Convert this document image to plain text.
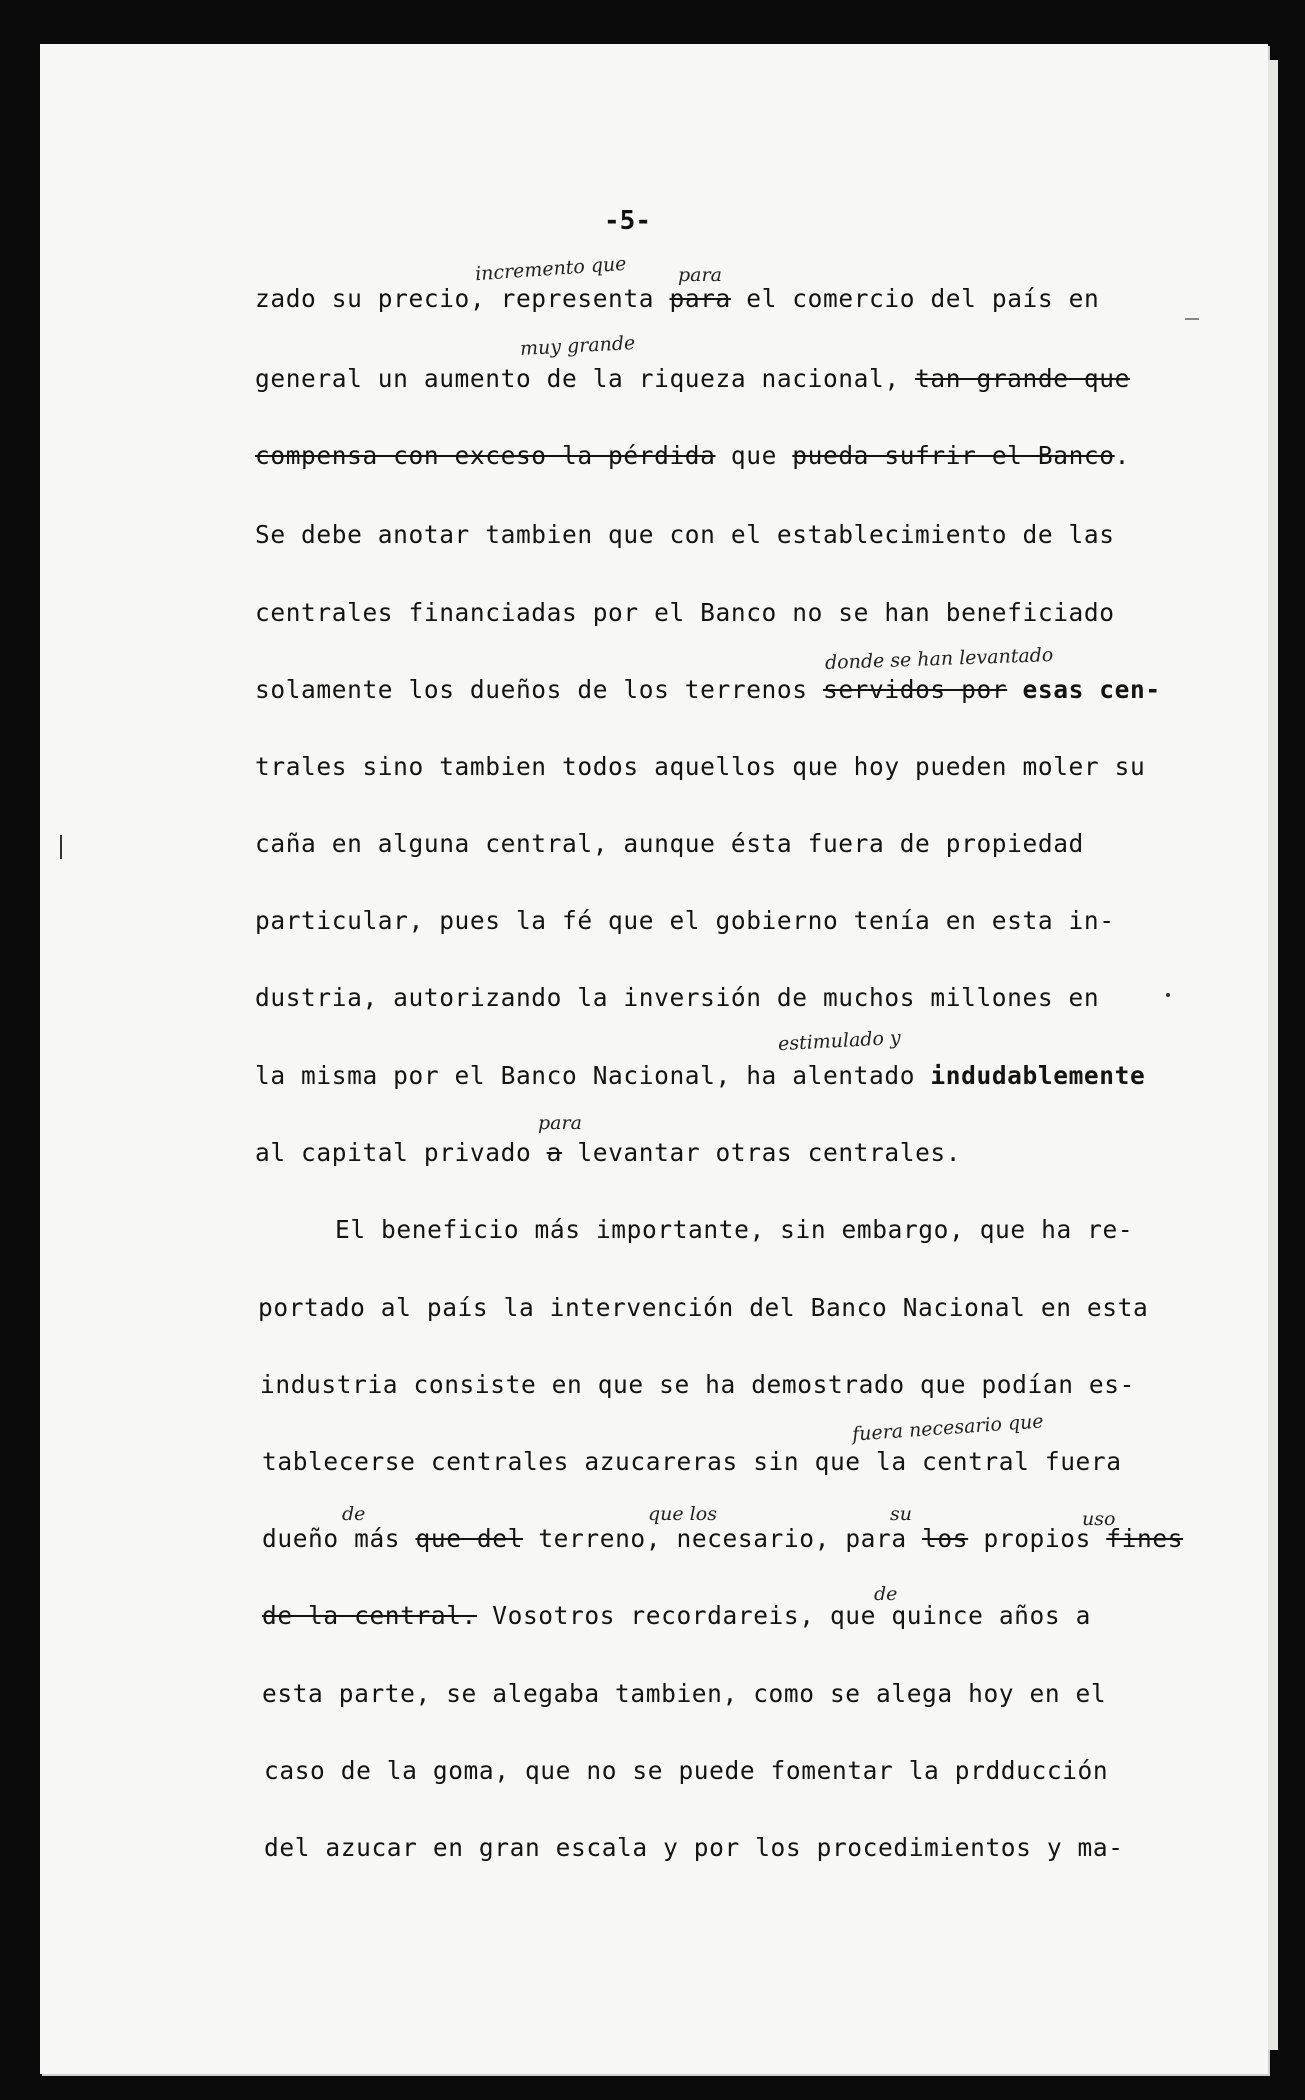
-5-
zado su precio, representa para el comercio del país en
general un aumento de la riqueza nacional, tan grande que
compensa con exceso la pérdida que pueda sufrir el Banco.
Se debe anotar tambien que con el establecimiento de las
centrales financiadas por el Banco no se han beneficiado
solamente los dueños de los terrenos servidos por esas cen-
trales sino tambien todos aquellos que hoy pueden moler su
caña en alguna central, aunque ésta fuera de propiedad
particular, pues la fé que el gobierno tenía en esta in-
dustria, autorizando la inversión de muchos millones en
la misma por el Banco Nacional, ha alentado indudablemente
al capital privado a levantar otras centrales.
El beneficio más importante, sin embargo, que ha re-
portado al país la intervención del Banco Nacional en esta
industria consiste en que se ha demostrado que podían es-
tablecerse centrales azucareras sin que la central fuera
dueño más que del terreno, necesario, para los propios fines
de la central. Vosotros recordareis, que quince años a
esta parte, se alegaba tambien, como se alega hoy en el
caso de la goma, que no se puede fomentar la prdducción
del azucar en gran escala y por los procedimientos y ma-
incremento que	para
muy grande
donde se han levantado
estimulado y
para
fuera necesario que
de	que los	su	uso
de
